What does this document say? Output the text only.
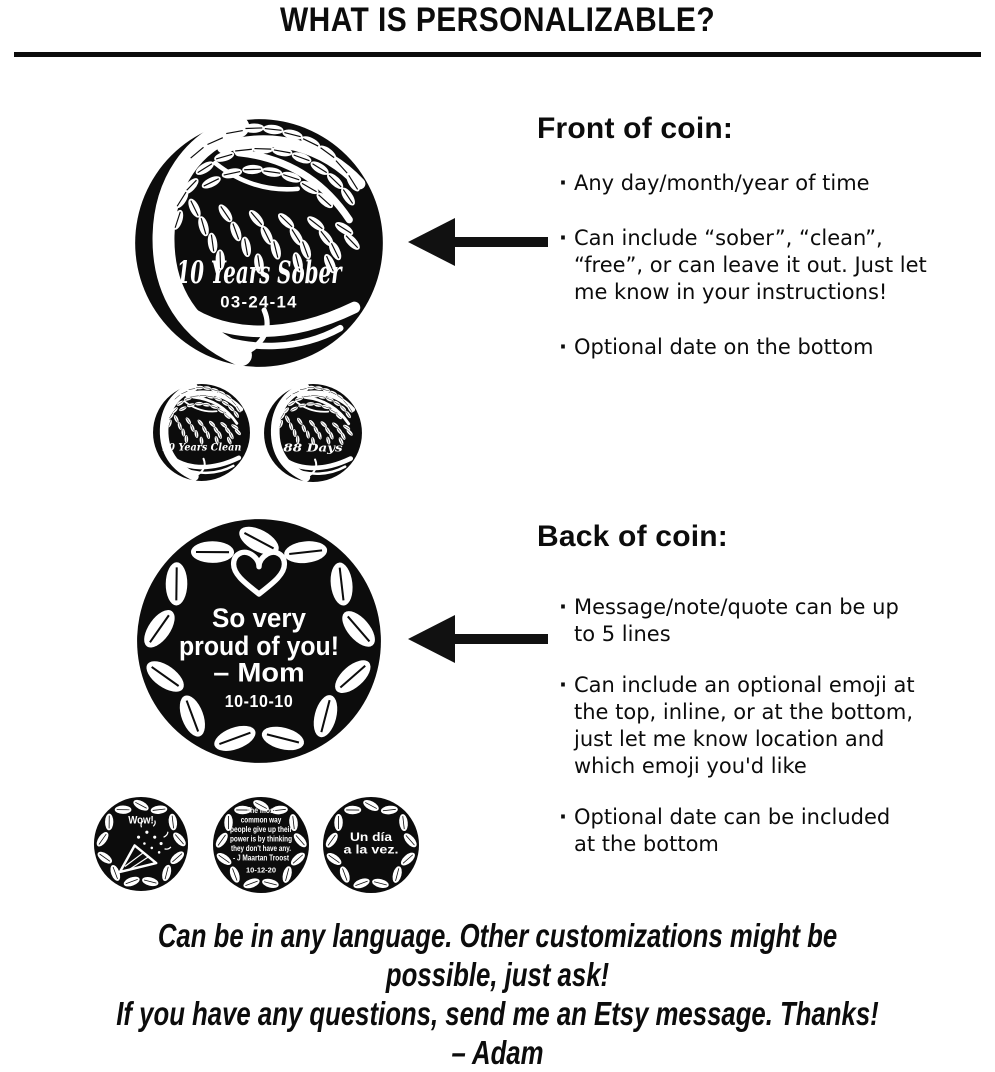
WHAT IS PERSONALIZABLE?
10 Years Sober
03-24-14
10 Years Clean 88 Days
So very
proud of you!
– Mom
10-10-10
Wow!
The most
common way
people give up their
power is by thinking
they don't have any.
- J Maartan Troost
10-12-20
Un día
a la vez.
Front of coin:
· Any day/month/year of time
· Can include “sober”, “clean”,
“free”, or can leave it out. Just let
me know in your instructions!
· Optional date on the bottom
Back of coin:
· Message/note/quote can be up
to 5 lines
· Can include an optional emoji at
the top, inline, or at the bottom,
just let me know location and
which emoji you'd like
· Optional date can be included
at the bottom
Can be in any language. Other customizations might be possible, just ask!
If you have any questions, send me an Etsy message. Thanks! – Adam
